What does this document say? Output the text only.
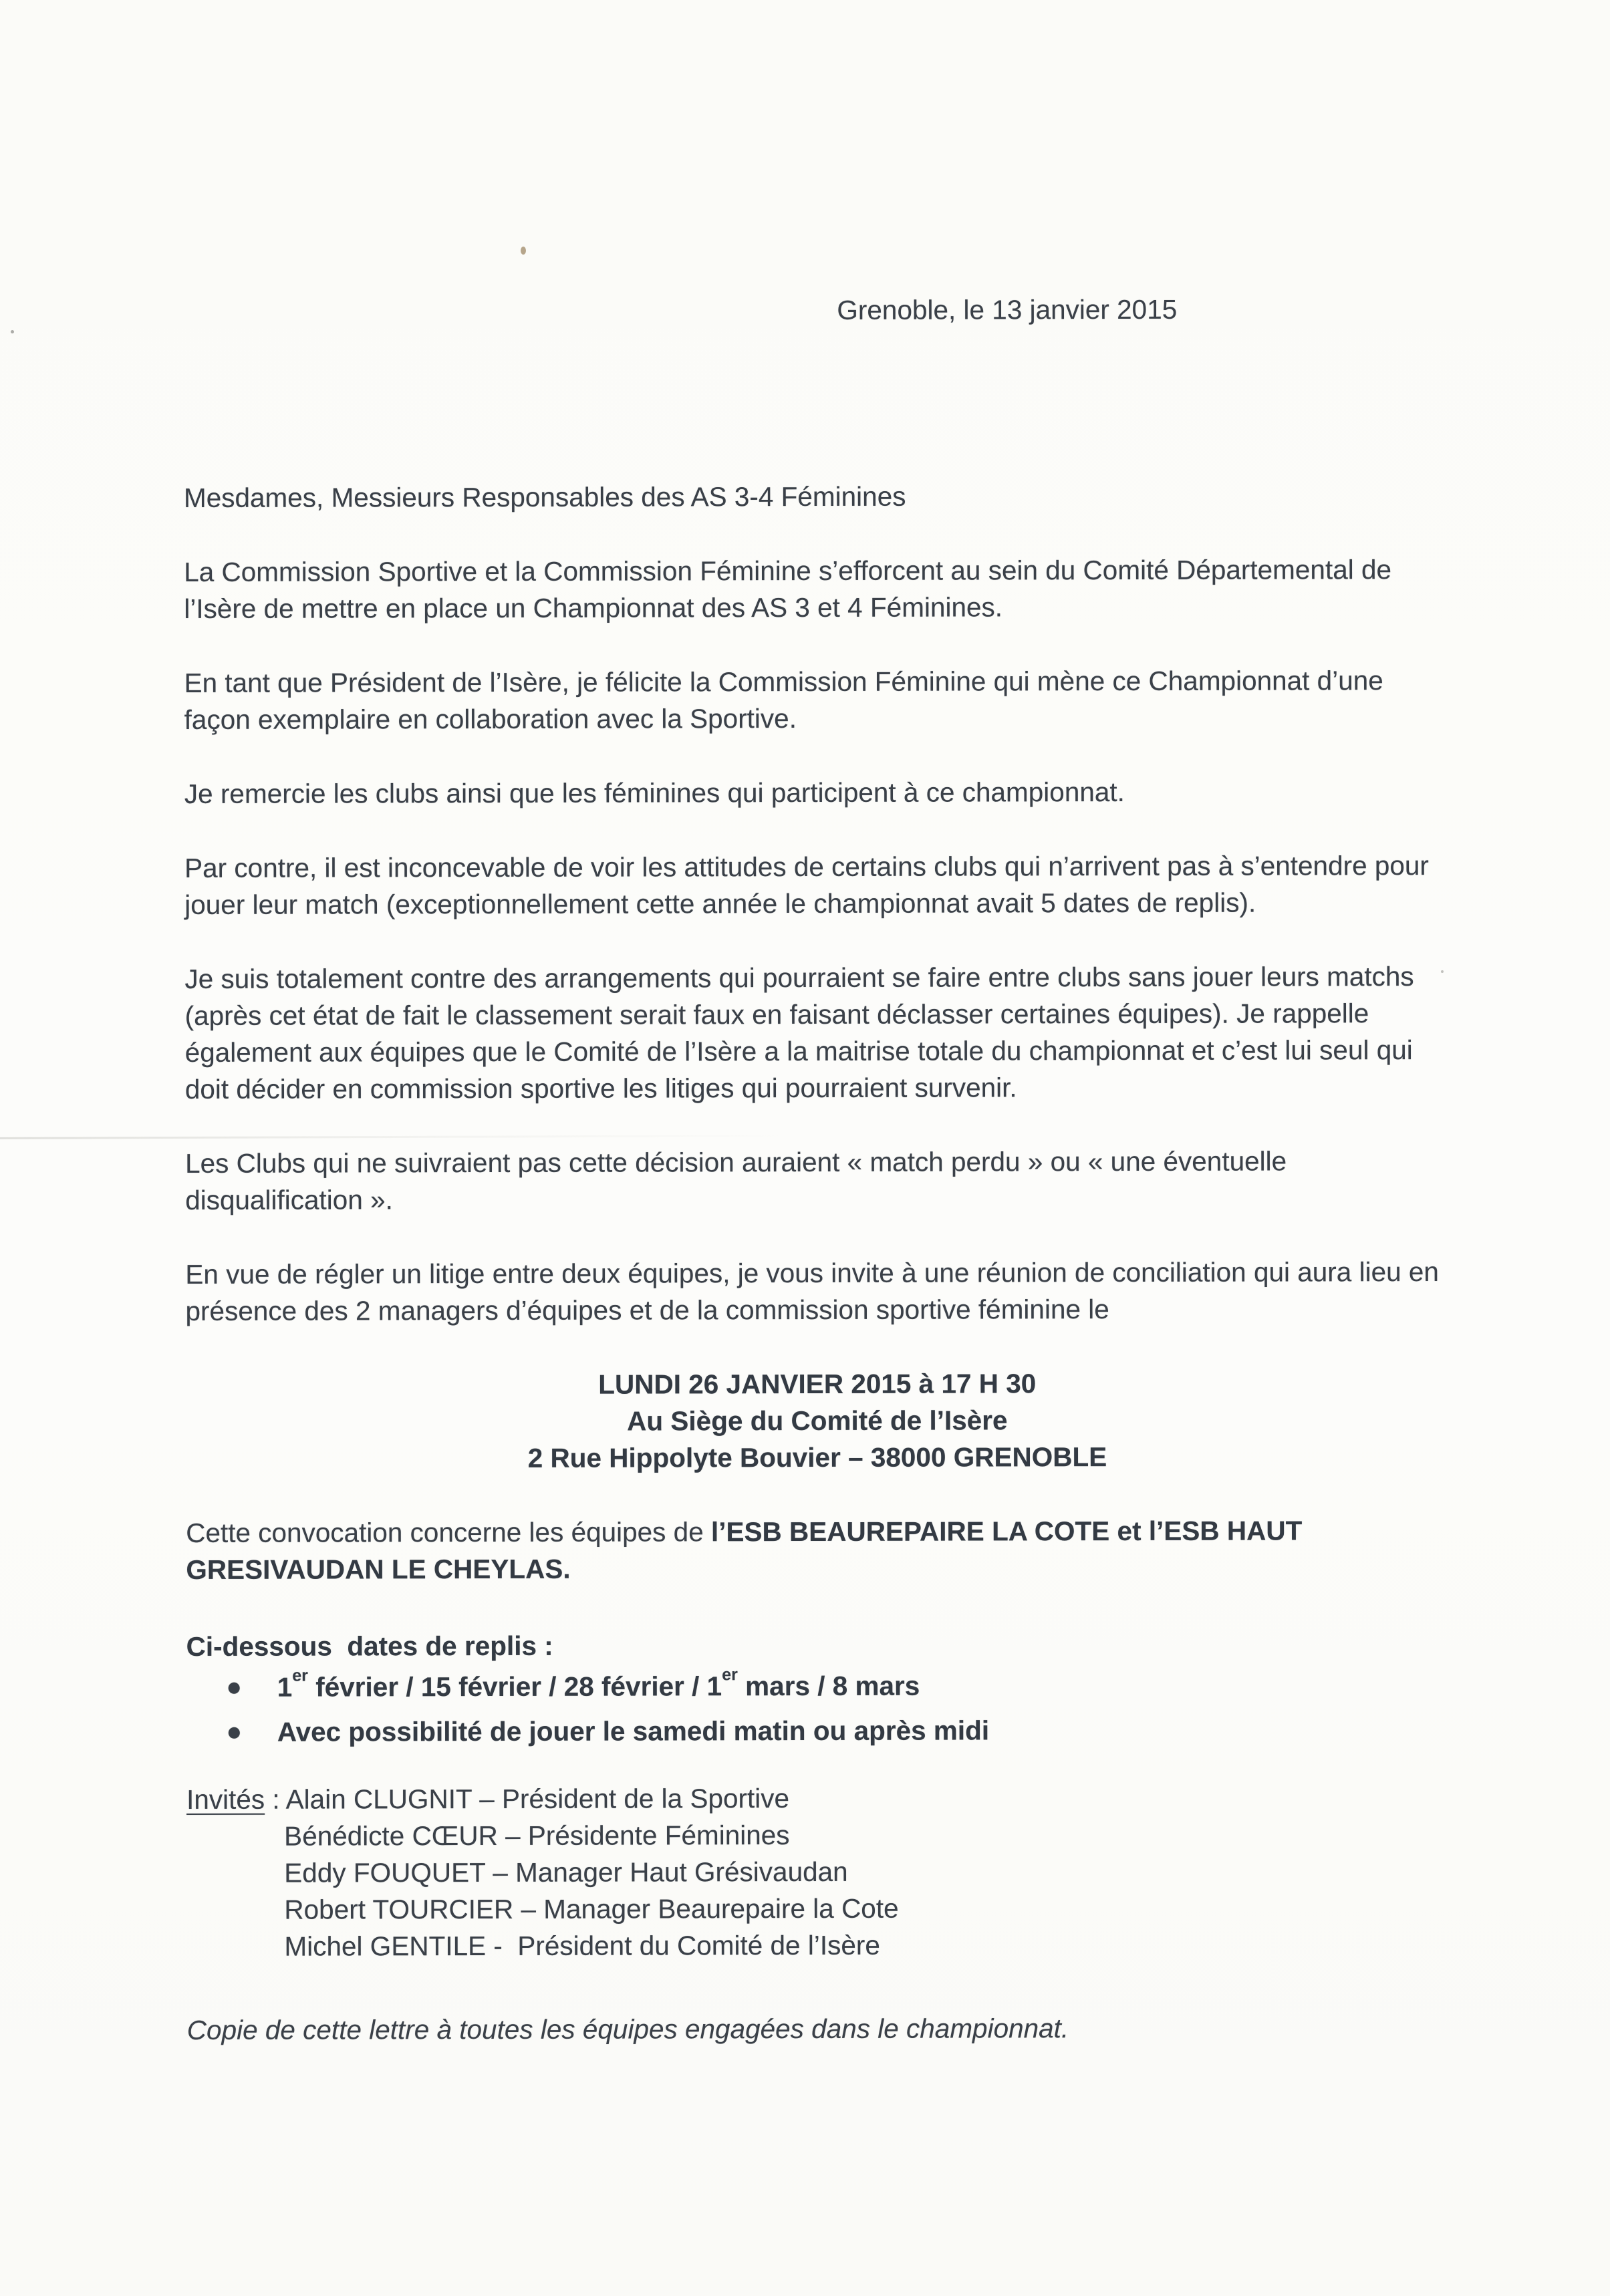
Grenoble, le 13 janvier 2015

Mesdames, Messieurs Responsables des AS 3-4 Féminines

La Commission Sportive et la Commission Féminine s’efforcent au sein du Comité Départemental de l’Isère de mettre en place un Championnat des AS 3 et 4 Féminines.

En tant que Président de l’Isère, je félicite la Commission Féminine qui mène ce Championnat d’une façon exemplaire en collaboration avec la Sportive.

Je remercie les clubs ainsi que les féminines qui participent à ce championnat.

Par contre, il est inconcevable de voir les attitudes de certains clubs qui n’arrivent pas à s’entendre pour jouer leur match (exceptionnellement cette année le championnat avait 5 dates de replis).

Je suis totalement contre des arrangements qui pourraient se faire entre clubs sans jouer leurs matchs (après cet état de fait le classement serait faux en faisant déclasser certaines équipes). Je rappelle également aux équipes que le Comité de l’Isère a la maitrise totale du championnat et c’est lui seul qui doit décider en commission sportive les litiges qui pourraient survenir.

Les Clubs qui ne suivraient pas cette décision auraient « match perdu » ou « une éventuelle disqualification ».

En vue de régler un litige entre deux équipes, je vous invite à une réunion de conciliation qui aura lieu en présence des 2 managers d’équipes et de la commission sportive féminine le

LUNDI 26 JANVIER 2015 à 17 H 30
Au Siège du Comité de l’Isère
2 Rue Hippolyte Bouvier – 38000 GRENOBLE

Cette convocation concerne les équipes de l’ESB BEAUREPAIRE LA COTE et l’ESB HAUT GRESIVAUDAN LE CHEYLAS.

Ci-dessous  dates de replis :

1er février / 15 février / 28 février / 1er mars / 8 mars
Avec possibilité de jouer le samedi matin ou après midi

Invités : Alain CLUGNIT – Président de la Sportive

Bénédicte CŒUR – Présidente Féminines

Eddy FOUQUET – Manager Haut Grésivaudan

Robert TOURCIER – Manager Beaurepaire la Cote

Michel GENTILE -  Président du Comité de l’Isère

Copie de cette lettre à toutes les équipes engagées dans le championnat.
